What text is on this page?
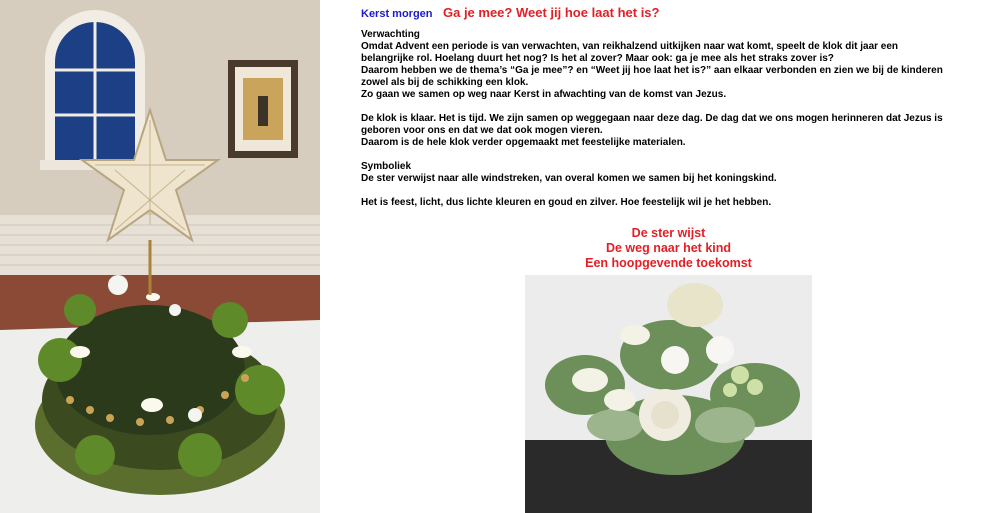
Kerst morgen Ga je mee? Weet jij hoe laat het is?
Verwachting
Omdat Advent een periode is van verwachten, van reikhalzend uitkijken naar wat komt, speelt de klok dit jaar een
belangrijke rol. Hoelang duurt het nog? Is het al zover? Maar ook: ga je mee als het straks zover is?
Daarom hebben we de thema’s “Ga je mee”? en “Weet jij hoe laat het is?” aan elkaar verbonden en zien we bij de kinderen
zowel als bij de schikking een klok.
Zo gaan we samen op weg naar Kerst in afwachting van de komst van Jezus.
De klok is klaar. Het is tijd. We zijn samen op weggegaan naar deze dag. De dag dat we ons mogen herinneren dat Jezus is
geboren voor ons en dat we dat ook mogen vieren.
Daarom is de hele klok verder opgemaakt met feestelijke materialen.
Symboliek
De ster verwijst naar alle windstreken, van overal komen we samen bij het koningskind.
Het is feest, licht, dus lichte kleuren en goud en zilver. Hoe feestelijk wil je het hebben.
De ster wijst
De weg naar het kind
Een hoopgevende toekomst
